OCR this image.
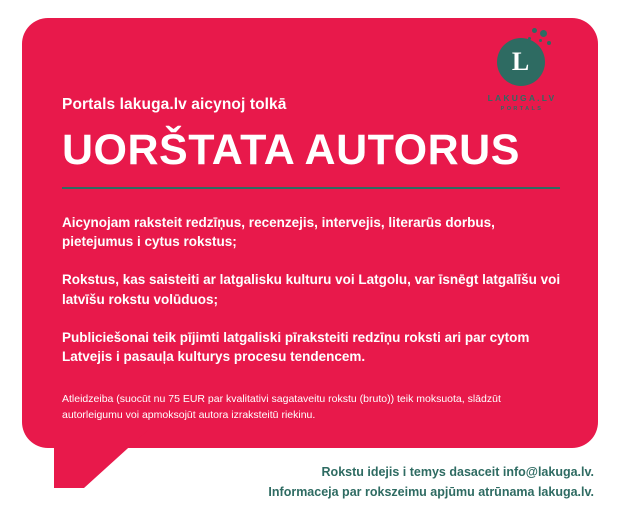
L
LAKUGA.LV
PORTALS

Portals lakuga.lv aicynoj tolkā

UORŠTATA AUTORUS

Aicynojam raksteit redzīņus, recenzejis, intervejis, literarūs dorbus, pietejumus i cytus rokstus;

Rokstus, kas saisteiti ar latgalisku kulturu voi Latgolu, var īsnēgt latgalīšu voi latvīšu rokstu volūduos;

Publiciešonai teik pījimti latgaliski pīraksteiti redzīņu roksti ari par cytom Latvejis i pasauļa kulturys procesu tendencem.

Atleidzeiba (suocūt nu 75 EUR par kvalitativi sagataveitu rokstu (bruto)) teik moksuota, slādzūt autorleigumu voi apmoksojūt autora izraksteitū riekinu.

Rokstu idejis i temys dasaceit info@lakuga.lv.
Informaceja par rokszeimu apjūmu atrūnama lakuga.lv.
